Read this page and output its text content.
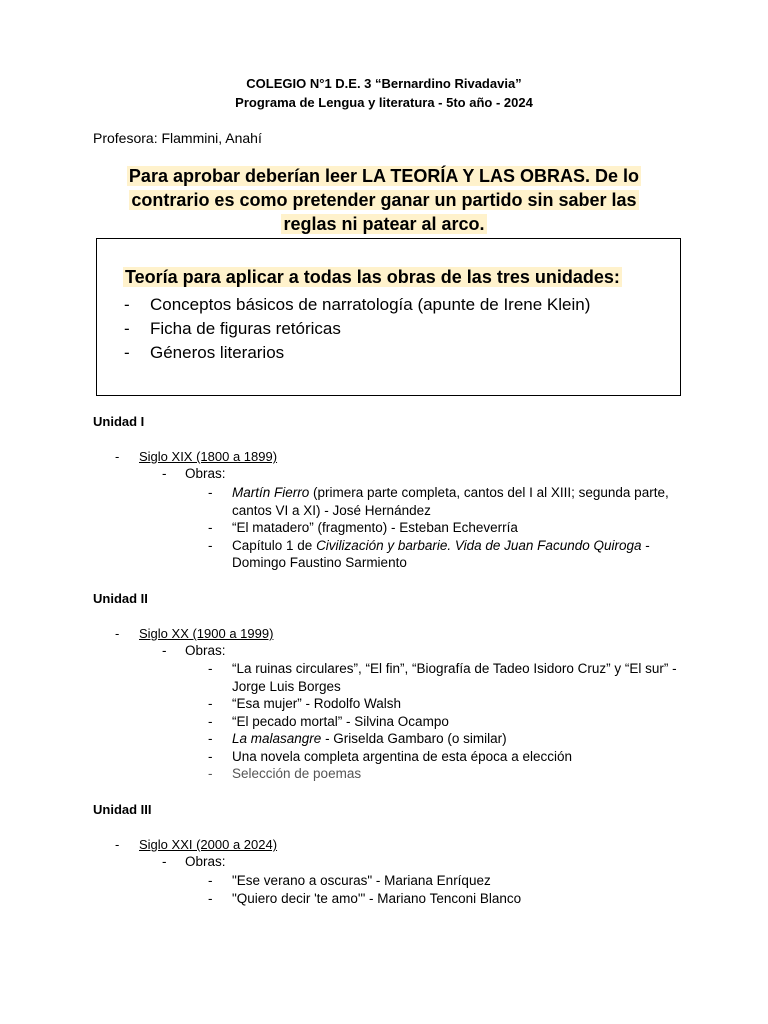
COLEGIO N°1 D.E. 3 “Bernardino Rivadavia”
Programa de Lengua y literatura - 5to año - 2024
Profesora: Flammini, Anahí
Para aprobar deberían leer LA TEORÍA Y LAS OBRAS. De lo
contrario es como pretender ganar un partido sin saber las
reglas ni patear al arco.
Teoría para aplicar a todas las obras de las tres unidades:
- Conceptos básicos de narratología (apunte de Irene Klein)
- Ficha de figuras retóricas
- Géneros literarios
Unidad I
- Siglo XIX (1800 a 1899)
- Obras:
- Martín Fierro (primera parte completa, cantos del I al XIII; segunda parte, cantos VI a XI) - José Hernández
- “El matadero” (fragmento) - Esteban Echeverría
- Capítulo 1 de Civilización y barbarie. Vida de Juan Facundo Quiroga - Domingo Faustino Sarmiento
Unidad II
- Siglo XX (1900 a 1999)
- Obras:
- “La ruinas circulares”, “El fin”, “Biografía de Tadeo Isidoro Cruz” y “El sur” - Jorge Luis Borges
- “Esa mujer” - Rodolfo Walsh
- “El pecado mortal” - Silvina Ocampo
- La malasangre - Griselda Gambaro (o similar)
- Una novela completa argentina de esta época a elección
- Selección de poemas
Unidad III
- Siglo XXI (2000 a 2024)
- Obras:
- "Ese verano a oscuras" - Mariana Enríquez
- "Quiero decir 'te amo'" - Mariano Tenconi Blanco
